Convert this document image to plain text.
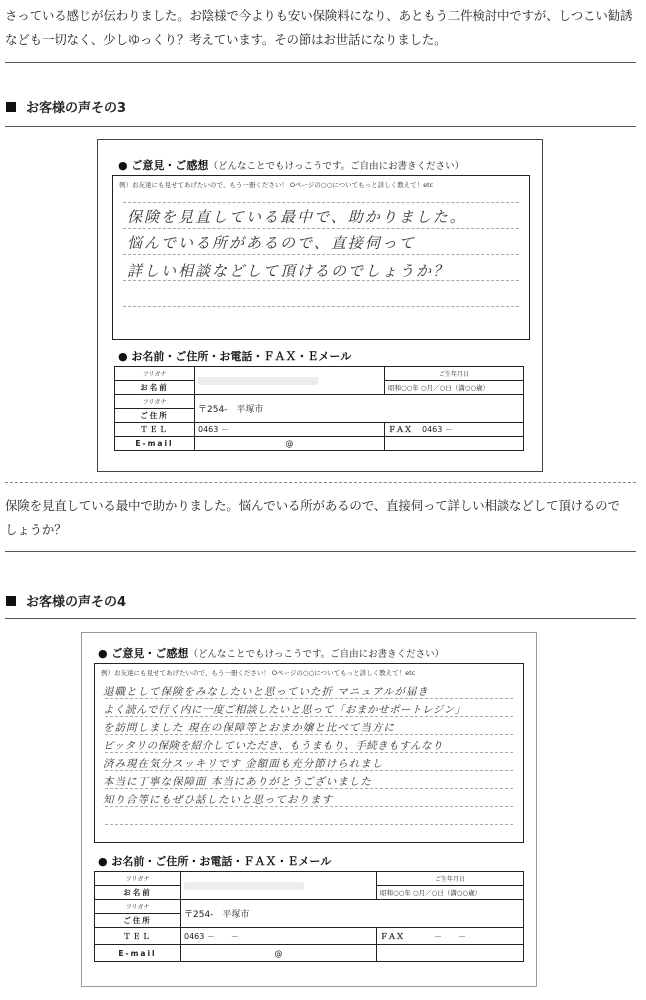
さっている感じが伝わりました。お陰様で今よりも安い保険料になり、あともう二件検討中ですが、しつこい勧誘
なども一切なく、少しゆっくり？考えています。その節はお世話になりました。
お客様の声その3
● ご意見・ご感想（どんなことでもけっこうです。ご自由にお書きください）
例）お友達にも見せてあげたいので、もう一冊ください！ Oページの○○についてもっと詳しく教えて！etc
保険を見直している最中で、助かりました。
悩んでいる所があるので、直接伺って
詳しい相談などして頂けるのでしょうか？
● お名前・ご住所・お電話・ＦＡＸ・Ｅメール
フリガナ		ご生年月日
お名前		昭和○○年 ○月／○日（満○○歳）
フリガナ	〒254-　平塚市	
ご住所		
ＴＥＬ	0463 －	ＦＡＸ 0463 －
E-mail	@	
保険を見直している最中で助かりました。悩んでいる所があるので、直接伺って詳しい相談などして頂けるので
しょうか？
お客様の声その4
● ご意見・ご感想（どんなことでもけっこうです。ご自由にお書きください）
例）お友達にも見せてあげたいので、もう一冊ください！ Oページの○○についてもっと詳しく教えて！etc
退職として保険をみなしたいと思っていた折 マニュアルが届き
よく読んで行く内に一度ご相談したいと思って「おまかせポートレジン」
を訪問しました 現在の保障等とおまか嬢と比べて当方に
ピッタリの保険を紹介していただき、もうまもり、手続きもすんなり
済み現在気分スッキリです 金額面も充分節けられまし
本当に丁寧な保障面 本当にありがとうございました
知り合等にもぜひ話したいと思っております
● お名前・ご住所・お電話・ＦＡＸ・Ｅメール
フリガナ		ご生年月日
お名前		昭和○○年 ○月／○日（満○○歳）
フリガナ	〒254-　平塚市	
ご住所		
ＴＥＬ	0463 －　　－	ＦＡＸ －　　－
E-mail	@	
